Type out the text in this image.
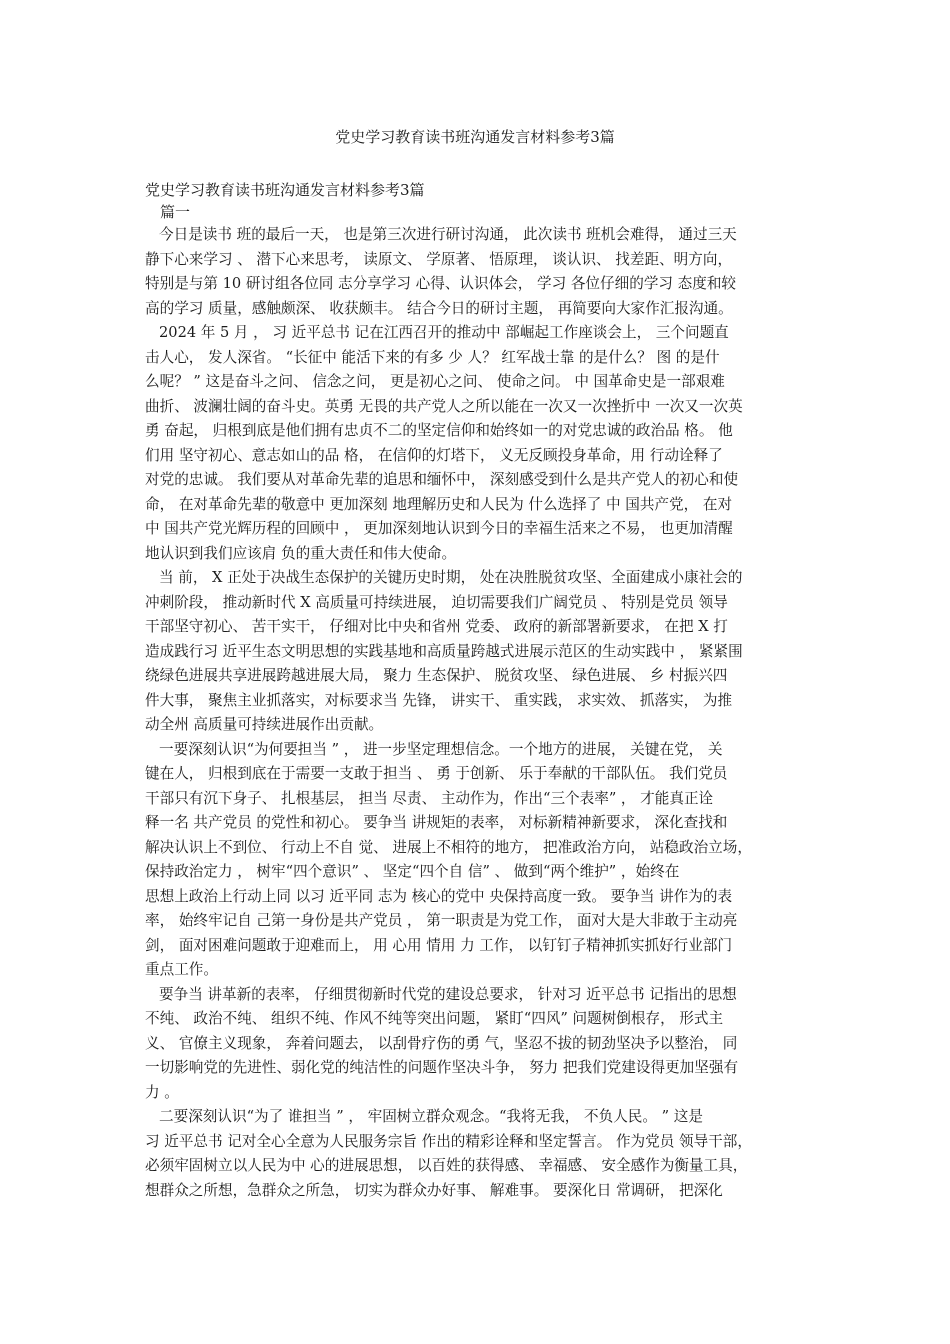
党史学习教育读书班沟通发言材料参考3篇

党史学习教育读书班沟通发言材料参考3篇

篇一

今日是读书 班的最后一天， 也是第三次进行研讨沟通， 此次读书 班机会难得， 通过三天
静下心来学习 、 潜下心来思考， 读原文、 学原著、 悟原理， 谈认识、 找差距、明方向，
特别是与第 10 研讨组各位同 志分享学习 心得、认识体会， 学习 各位仔细的学习 态度和较
高的学习 质量，感触颇深、 收获颇丰。 结合今日的研讨主题， 再简要向大家作汇报沟通。
2024 年 5 月 ， 习 近平总书 记在江西召开的推动中 部崛起工作座谈会上， 三个问题直
击人心， 发人深省。 “长征中 能活下来的有多 少 人？ 红军战士靠 的是什么？ 图 的是什
么呢？ ” 这是奋斗之问、 信念之问， 更是初心之问、 使命之问。 中 国革命史是一部艰难
曲折、 波澜壮阔的奋斗史。英勇 无畏的共产党人之所以能在一次又一次挫折中 一次又一次英
勇 奋起， 归根到底是他们拥有忠贞不二的坚定信仰和始终如一的对党忠诚的政治品 格。 他
们用 坚守初心、意志如山的品 格， 在信仰的灯塔下， 义无反顾投身革命，用 行动诠释了
对党的忠诚。 我们要从对革命先辈的追思和缅怀中， 深刻感受到什么是共产党人的初心和使
命， 在对革命先辈的敬意中 更加深刻 地理解历史和人民为 什么选择了 中 国共产党， 在对
中 国共产党光辉历程的回顾中 ， 更加深刻地认识到今日的幸福生活来之不易， 也更加清醒
地认识到我们应该肩 负的重大责任和伟大使命。
当 前， X 正处于决战生态保护的关键历史时期， 处在决胜脱贫攻坚、全面建成小康社会的
冲刺阶段， 推动新时代 X 高质量可持续进展， 迫切需要我们广阔党员 、 特别是党员 领导
干部坚守初心、 苦干实干， 仔细对比中央和省州 党委、 政府的新部署新要求， 在把 X 打
造成践行习 近平生态文明思想的实践基地和高质量跨越式进展示范区的生动实践中 ， 紧紧围
绕绿色进展共享进展跨越进展大局， 聚力 生态保护、 脱贫攻坚、 绿色进展、 乡 村振兴四
件大事， 聚焦主业抓落实，对标要求当 先锋， 讲实干、 重实践， 求实效、 抓落实， 为推
动全州 高质量可持续进展作出贡献。
一要深刻认识“为何要担当 ” ， 进一步坚定理想信念。一个地方的进展， 关键在党， 关
键在人， 归根到底在于需要一支敢于担当 、 勇 于创新、 乐于奉献的干部队伍。 我们党员
干部只有沉下身子、 扎根基层， 担当 尽责、 主动作为，作出“三个表率” ， 才能真正诠
释一名 共产党员 的党性和初心。 要争当 讲规矩的表率， 对标新精神新要求， 深化查找和
解决认识上不到位、 行动上不自 觉、 进展上不相符的地方， 把准政治方向， 站稳政治立场，
保持政治定力 ， 树牢“四个意识” 、 坚定“四个自 信” 、 做到“两个维护” ，始终在
思想上政治上行动上同 以习 近平同 志为 核心的党中 央保持高度一致。 要争当 讲作为的表
率， 始终牢记自 己第一身份是共产党员 ， 第一职责是为党工作， 面对大是大非敢于主动亮
剑， 面对困难问题敢于迎难而上， 用 心用 情用 力 工作， 以钉钉子精神抓实抓好行业部门
重点工作。
要争当 讲革新的表率， 仔细贯彻新时代党的建设总要求， 针对习 近平总书 记指出的思想
不纯、 政治不纯、 组织不纯、作风不纯等突出问题， 紧盯“四风” 问题树倒根存， 形式主
义、 官僚主义现象， 奔着问题去， 以刮骨疗伤的勇 气，坚忍不拔的韧劲坚决予以整治， 同
一切影响党的先进性、弱化党的纯洁性的问题作坚决斗争， 努力 把我们党建设得更加坚强有
力 。
二要深刻认识“为了 谁担当 ” ， 牢固树立群众观念。“我将无我， 不负人民。 ” 这是
习 近平总书 记对全心全意为人民服务宗旨 作出的精彩诠释和坚定誓言。 作为党员 领导干部，
必须牢固树立以人民为中 心的进展思想， 以百姓的获得感、 幸福感、 安全感作为衡量工具，
想群众之所想，急群众之所急， 切实为群众办好事、 解难事。 要深化日 常调研， 把深化
